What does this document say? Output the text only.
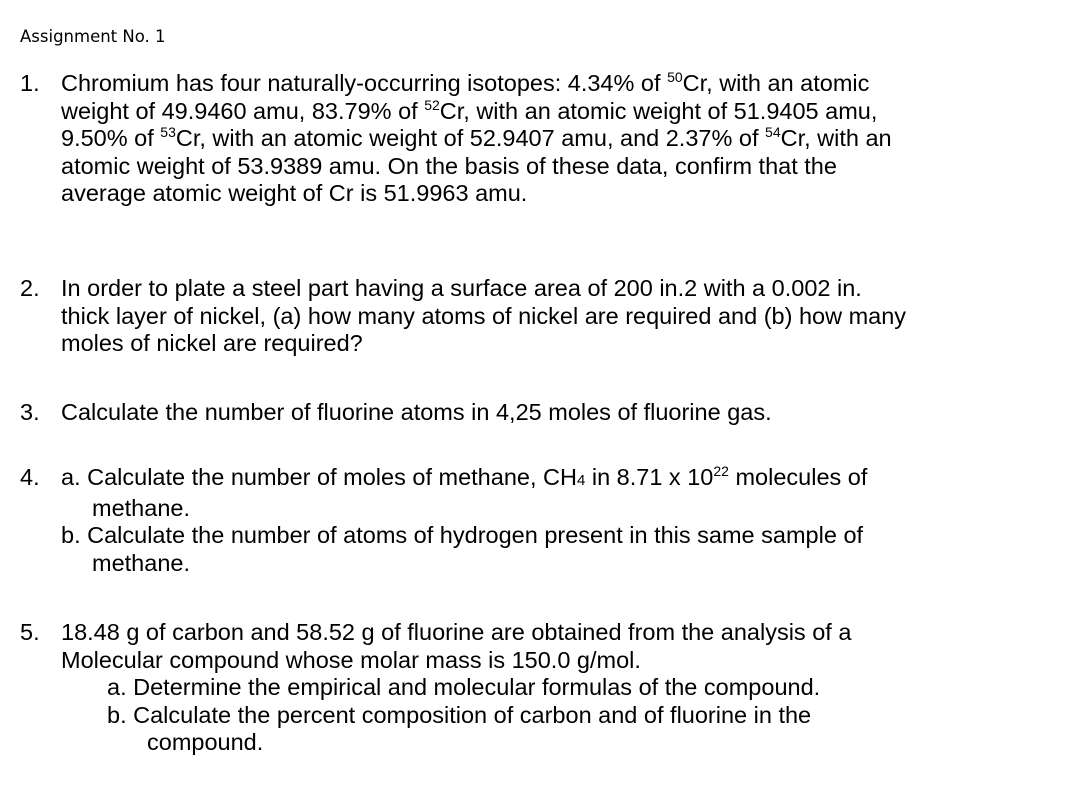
Assignment No. 1
1. Chromium has four naturally-occurring isotopes: 4.34% of $^{50}$Cr, with an atomic
weight of 49.9460 amu, 83.79% of $^{52}$Cr, with an atomic weight of 51.9405 amu,
9.50% of $^{53}$Cr, with an atomic weight of 52.9407 amu, and 2.37% of $^{54}$Cr, with an
atomic weight of 53.9389 amu. On the basis of these data, confirm that the
average atomic weight of Cr is 51.9963 amu.
2. In order to plate a steel part having a surface area of 200 in.2 with a 0.002 in.
thick layer of nickel, (a) how many atoms of nickel are required and (b) how many
moles of nickel are required?
3. Calculate the number of fluorine atoms in 4,25 moles of fluorine gas.
4. a. Calculate the number of moles of methane, CH4 in 8.71 x $10^{22}$ molecules of
methane.
b. Calculate the number of atoms of hydrogen present in this same sample of
methane.
5. 18.48 g of carbon and 58.52 g of fluorine are obtained from the analysis of a
Molecular compound whose molar mass is 150.0 g/mol.
a. Determine the empirical and molecular formulas of the compound.
b. Calculate the percent composition of carbon and of fluorine in the
compound.
